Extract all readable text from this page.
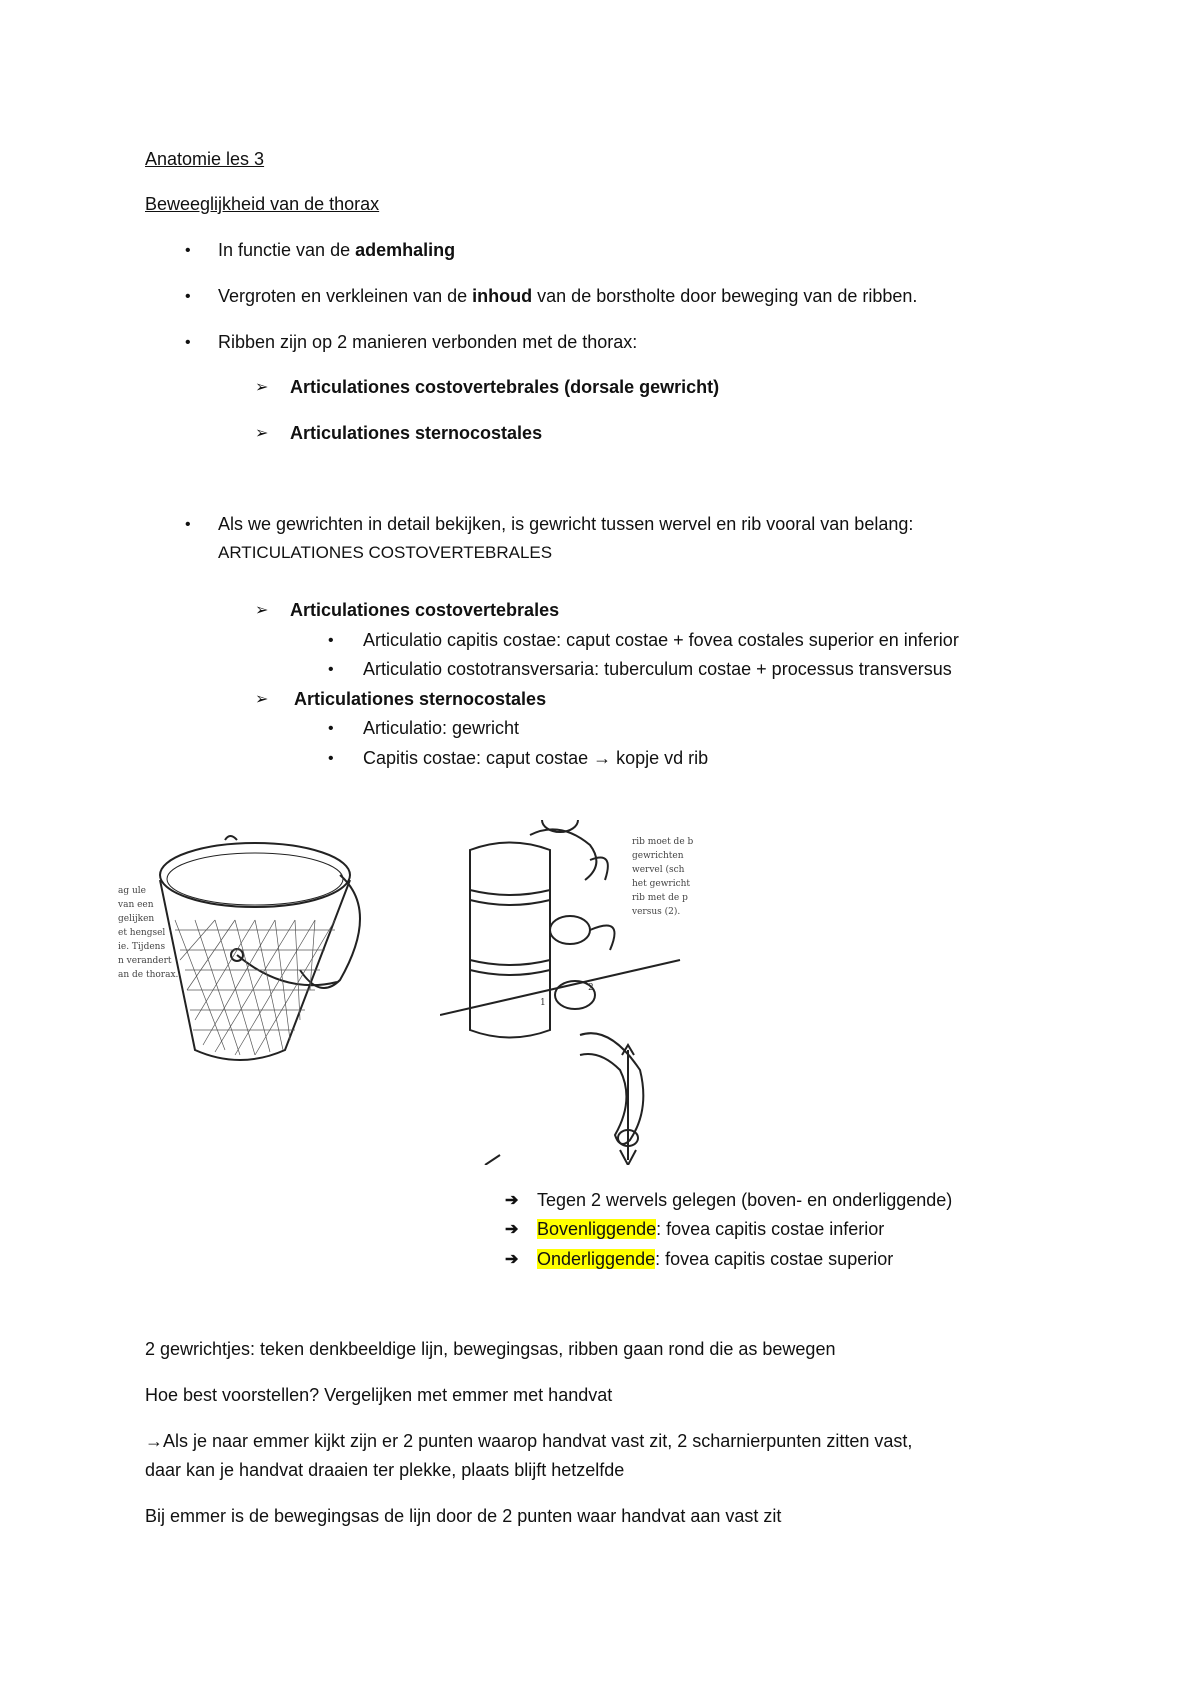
Anatomie les 3
Beweeglijkheid van de thorax
• In functie van de ademhaling
• Vergroten en verkleinen van de inhoud van de borstholte door beweging van de ribben.
• Ribben zijn op 2 manieren verbonden met de thorax:
➢ Articulationes costovertebrales (dorsale gewricht)
➢ Articulationes sternocostales
• Als we gewrichten in detail bekijken, is gewricht tussen wervel en rib vooral van belang:
ARTICULATIONES COSTOVERTEBRALES
➢ Articulationes costovertebrales
• Articulatio capitis costae: caput costae + fovea costales superior en inferior
• Articulatio costotransversaria: tuberculum costae + processus transversus
➢ Articulationes sternocostales
• Articulatio: gewricht
• Capitis costae: caput costae → kopje vd rib
ag ule
van een
gelijken
et hengsel
ie. Tijdens
n verandert
an de thorax.
1
2
rib moet de b
gewrichten
wervel (sch
het gewricht
rib met de p
versus (2).
➔ Tegen 2 wervels gelegen (boven- en onderliggende)
➔ Bovenliggende: fovea capitis costae inferior
➔ Onderliggende: fovea capitis costae superior
2 gewrichtjes: teken denkbeeldige lijn, bewegingsas, ribben gaan rond die as bewegen
Hoe best voorstellen? Vergelijken met emmer met handvat
→Als je naar emmer kijkt zijn er 2 punten waarop handvat vast zit, 2 scharnierpunten zitten vast,
daar kan je handvat draaien ter plekke, plaats blijft hetzelfde
Bij emmer is de bewegingsas de lijn door de 2 punten waar handvat aan vast zit
